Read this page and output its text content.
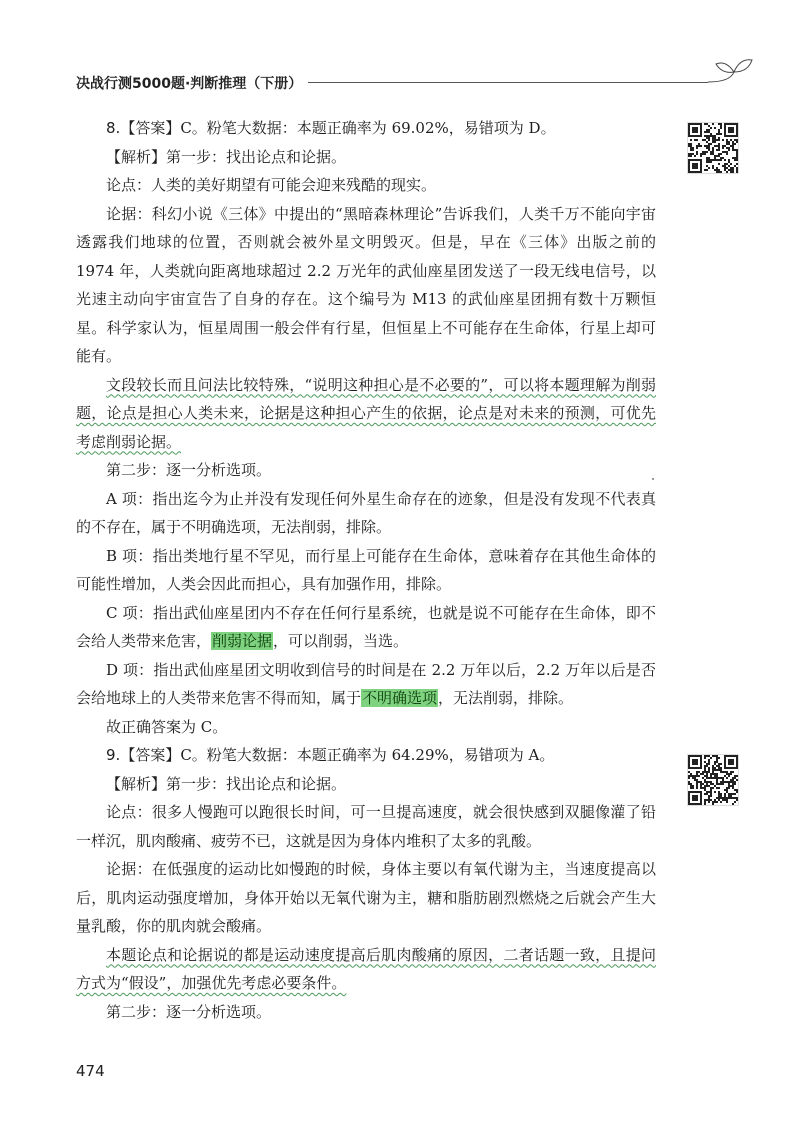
决战行测5000题·判断推理（下册）

8.【答案】C。粉笔大数据：本题正确率为 69.02%，易错项为 D。

【解析】第一步：找出论点和论据。

论点：人类的美好期望有可能会迎来残酷的现实。

论据：科幻小说《三体》中提出的“黑暗森林理论”告诉我们，人类千万不能向宇宙透露我们地球的位置，否则就会被外星文明毁灭。但是，早在《三体》出版之前的 1974 年，人类就向距离地球超过 2.2 万光年的武仙座星团发送了一段无线电信号，以光速主动向宇宙宣告了自身的存在。这个编号为 M13 的武仙座星团拥有数十万颗恒星。科学家认为，恒星周围一般会伴有行星，但恒星上不可能存在生命体，行星上却可能有。

文段较长而且问法比较特殊，“说明这种担心是不必要的”，可以将本题理解为削弱题，论点是担心人类未来，论据是这种担心产生的依据，论点是对未来的预测，可优先考虑削弱论据。

第二步：逐一分析选项。

A 项：指出迄今为止并没有发现任何外星生命存在的迹象，但是没有发现不代表真的不存在，属于不明确选项，无法削弱，排除。

B 项：指出类地行星不罕见，而行星上可能存在生命体，意味着存在其他生命体的可能性增加，人类会因此而担心，具有加强作用，排除。

C 项：指出武仙座星团内不存在任何行星系统，也就是说不可能存在生命体，即不会给人类带来危害，削弱论据，可以削弱，当选。

D 项：指出武仙座星团文明收到信号的时间是在 2.2 万年以后，2.2 万年以后是否会给地球上的人类带来危害不得而知，属于不明确选项，无法削弱，排除。

故正确答案为 C。

9.【答案】C。粉笔大数据：本题正确率为 64.29%，易错项为 A。

【解析】第一步：找出论点和论据。

论点：很多人慢跑可以跑很长时间，可一旦提高速度，就会很快感到双腿像灌了铅一样沉，肌肉酸痛、疲劳不已，这就是因为身体内堆积了太多的乳酸。

论据：在低强度的运动比如慢跑的时候，身体主要以有氧代谢为主，当速度提高以后，肌肉运动强度增加，身体开始以无氧代谢为主，糖和脂肪剧烈燃烧之后就会产生大量乳酸，你的肌肉就会酸痛。

本题论点和论据说的都是运动速度提高后肌肉酸痛的原因，二者话题一致，且提问方式为“假设”，加强优先考虑必要条件。

第二步：逐一分析选项。

474
